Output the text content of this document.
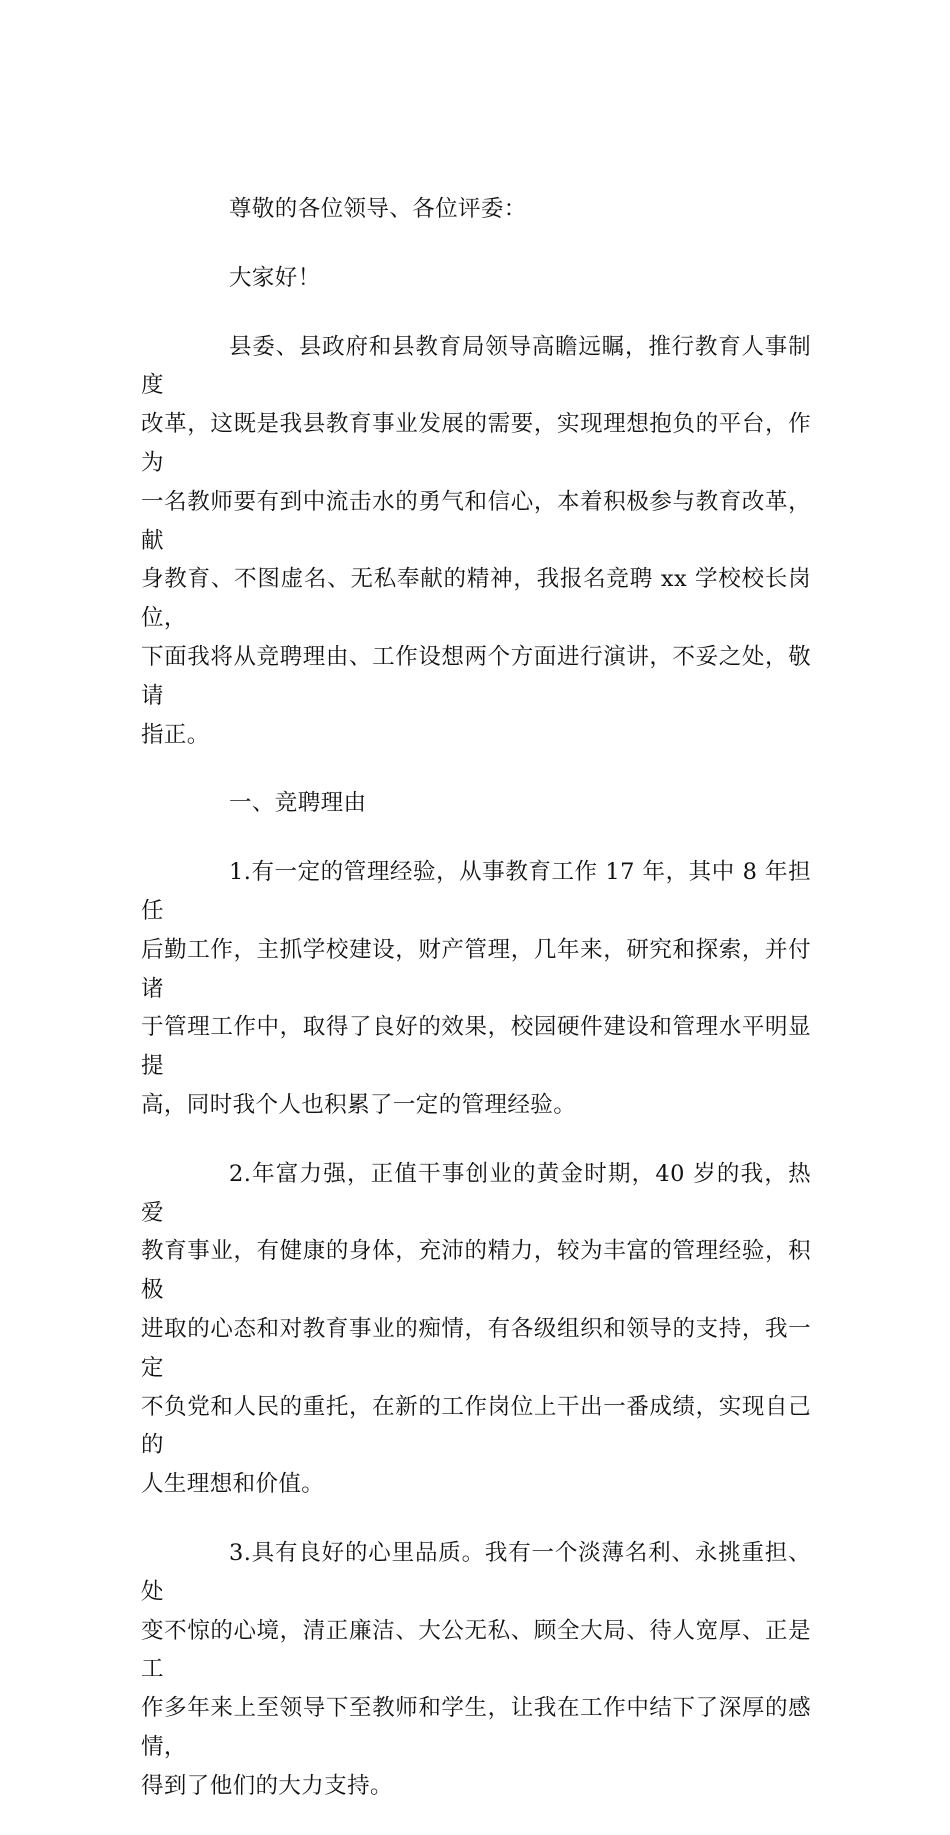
尊敬的各位领导、各位评委：

大家好！

县委、县政府和县教育局领导高瞻远瞩，推行教育人事制度
改革，这既是我县教育事业发展的需要，实现理想抱负的平台，作为
一名教师要有到中流击水的勇气和信心，本着积极参与教育改革，献
身教育、不图虚名、无私奉献的精神，我报名竞聘 xx 学校校长岗位，
下面我将从竞聘理由、工作设想两个方面进行演讲，不妥之处，敬请
指正。

一、竞聘理由

1.有一定的管理经验，从事教育工作 17 年，其中 8 年担任
后勤工作，主抓学校建设，财产管理，几年来，研究和探索，并付诸
于管理工作中，取得了良好的效果，校园硬件建设和管理水平明显提
高，同时我个人也积累了一定的管理经验。

2.年富力强，正值干事创业的黄金时期，40 岁的我，热爱
教育事业，有健康的身体，充沛的精力，较为丰富的管理经验，积极
进取的心态和对教育事业的痴情，有各级组织和领导的支持，我一定
不负党和人民的重托，在新的工作岗位上干出一番成绩，实现自己的
人生理想和价值。

3.具有良好的心里品质。我有一个淡薄名利、永挑重担、处
变不惊的心境，清正廉洁、大公无私、顾全大局、待人宽厚、正是工
作多年来上至领导下至教师和学生，让我在工作中结下了深厚的感情，
得到了他们的大力支持。
